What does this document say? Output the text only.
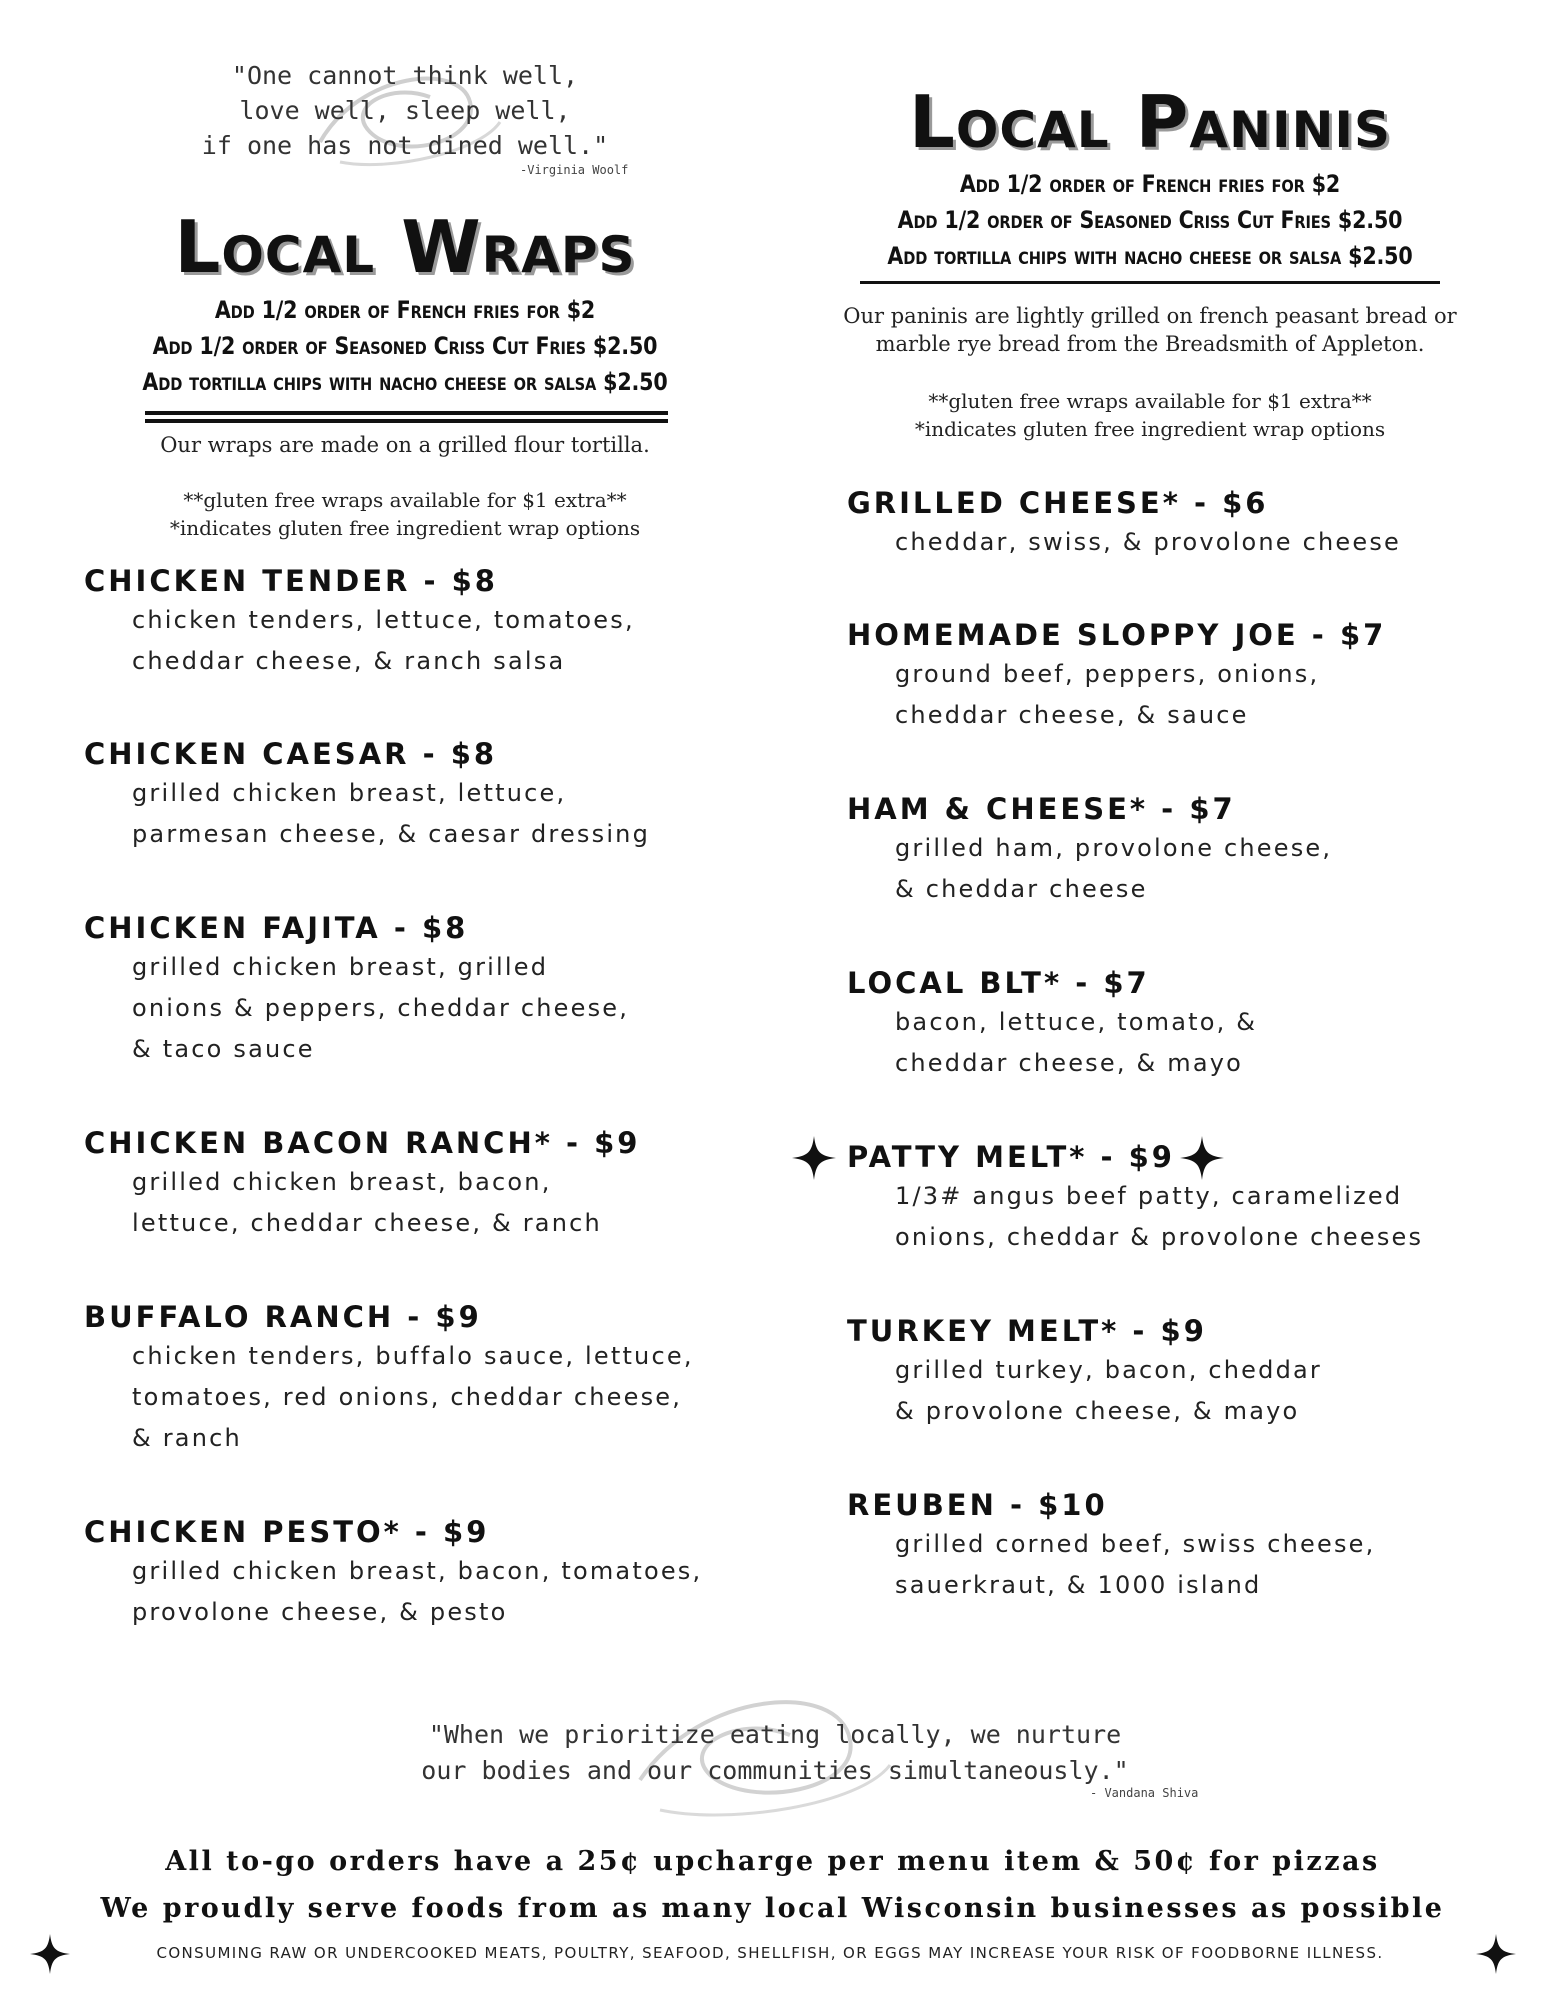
"One cannot think well,
love well, sleep well,
if one has not dined well."
-Virginia Woolf
Local Wraps
Add 1/2 order of French fries for $2
Add 1/2 order of Seasoned Criss Cut Fries $2.50
Add tortilla chips with nacho cheese or salsa $2.50
Our wraps are made on a grilled flour tortilla.
**gluten free wraps available for $1 extra**
*indicates gluten free ingredient wrap options
CHICKEN TENDER - $8
chicken tenders, lettuce, tomatoes,
cheddar cheese, & ranch salsa
CHICKEN CAESAR - $8
grilled chicken breast, lettuce,
parmesan cheese, & caesar dressing
CHICKEN FAJITA - $8
grilled chicken breast, grilled
onions & peppers, cheddar cheese,
& taco sauce
CHICKEN BACON RANCH* - $9
grilled chicken breast, bacon,
lettuce, cheddar cheese, & ranch
BUFFALO RANCH - $9
chicken tenders, buffalo sauce, lettuce,
tomatoes, red onions, cheddar cheese,
& ranch
CHICKEN PESTO* - $9
grilled chicken breast, bacon, tomatoes,
provolone cheese, & pesto
Local Paninis
Add 1/2 order of French fries for $2
Add 1/2 order of Seasoned Criss Cut Fries $2.50
Add tortilla chips with nacho cheese or salsa $2.50
Our paninis are lightly grilled on french peasant bread or
marble rye bread from the Breadsmith of Appleton.
**gluten free wraps available for $1 extra**
*indicates gluten free ingredient wrap options
GRILLED CHEESE* - $6
cheddar, swiss, & provolone cheese
HOMEMADE SLOPPY JOE - $7
ground beef, peppers, onions,
cheddar cheese, & sauce
HAM & CHEESE* - $7
grilled ham, provolone cheese,
& cheddar cheese
LOCAL BLT* - $7
bacon, lettuce, tomato, &
cheddar cheese, & mayo
PATTY MELT* - $9
1/3# angus beef patty, caramelized
onions, cheddar & provolone cheeses
TURKEY MELT* - $9
grilled turkey, bacon, cheddar
& provolone cheese, & mayo
REUBEN - $10
grilled corned beef, swiss cheese,
sauerkraut, & 1000 island
"When we prioritize eating locally, we nurture
our bodies and our communities simultaneously."
- Vandana Shiva
All to-go orders have a 25¢ upcharge per menu item & 50¢ for pizzas
We proudly serve foods from as many local Wisconsin businesses as possible
CONSUMING RAW OR UNDERCOOKED MEATS, POULTRY, SEAFOOD, SHELLFISH, OR EGGS MAY INCREASE YOUR RISK OF FOODBORNE ILLNESS.
